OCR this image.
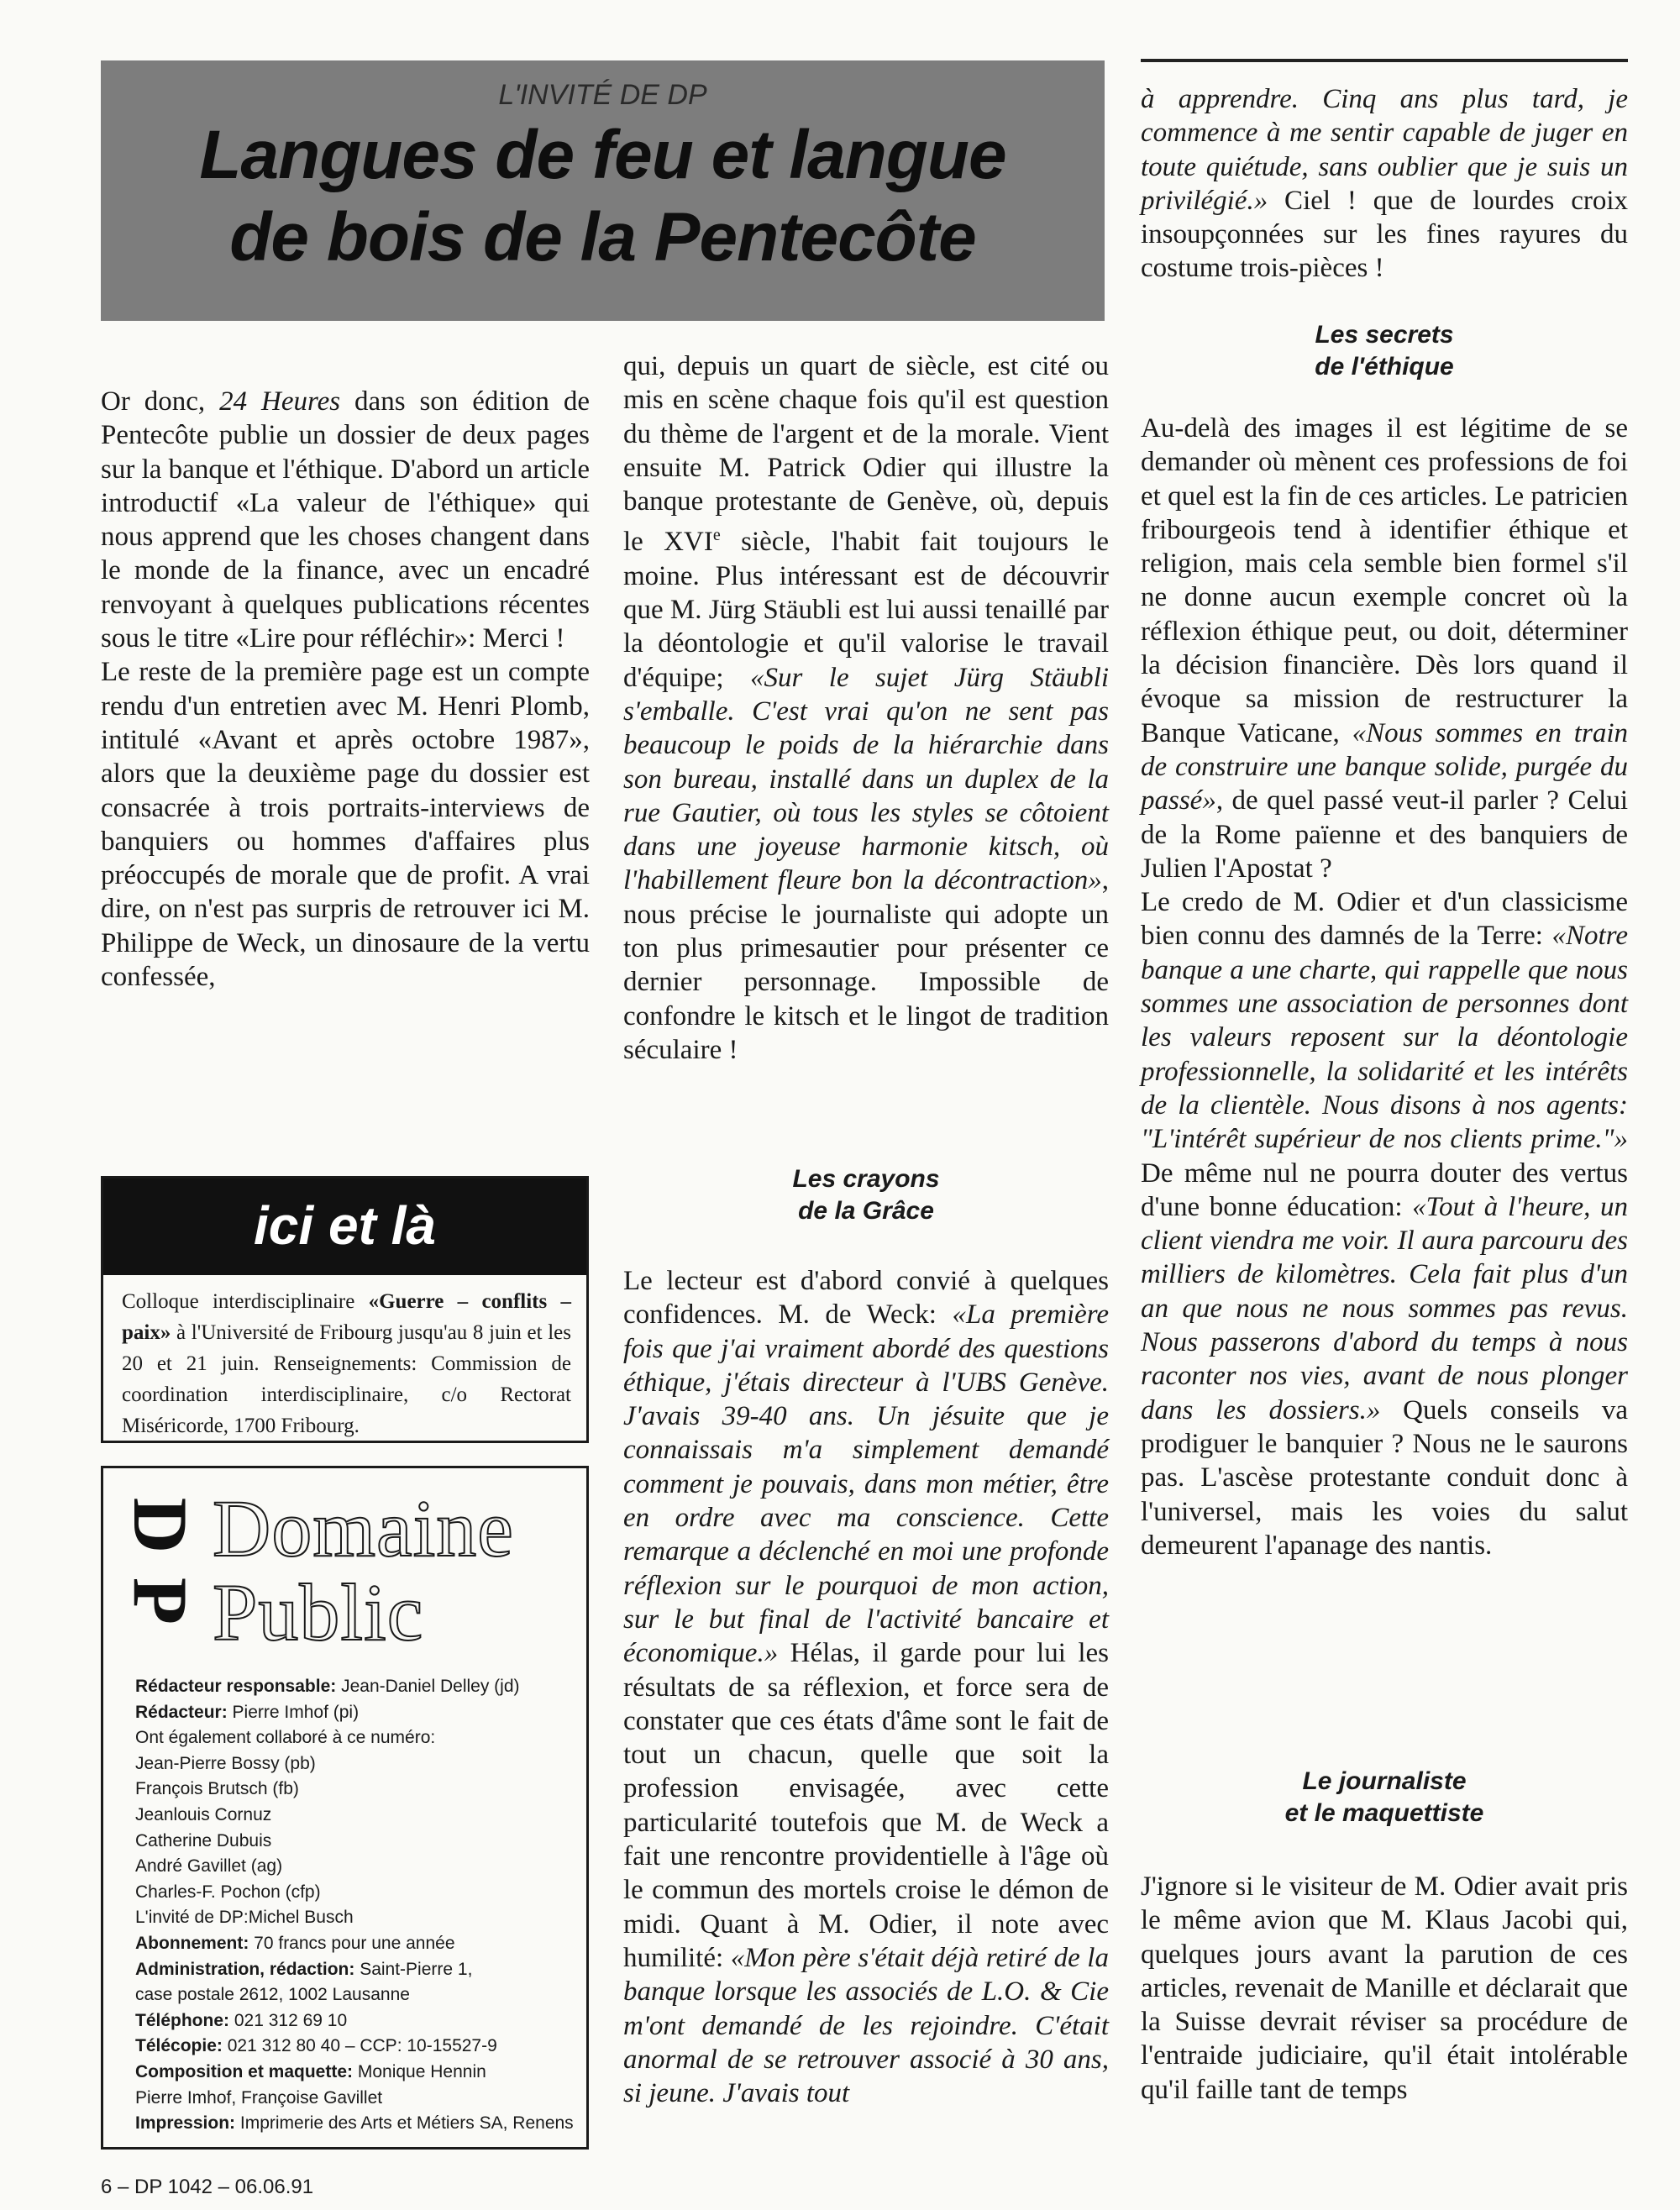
L'INVITÉ DE DP
Langues de feu et langue
de bois de la Pentecôte

Or donc, 24 Heures dans son édition de Pentecôte publie un dossier de deux pages sur la banque et l'éthique. D'abord un article introductif «La valeur de l'éthique» qui nous apprend que les choses changent dans le monde de la finance, avec un encadré renvoyant à quelques publications récentes sous le titre «Lire pour réfléchir»: Merci !

Le reste de la première page est un compte rendu d'un entretien avec M. Henri Plomb, intitulé «Avant et après octobre 1987», alors que la deuxième page du dossier est consacrée à trois portraits-interviews de banquiers ou hommes d'affaires plus préoccupés de morale que de profit. A vrai dire, on n'est pas surpris de retrouver ici M. Philippe de Weck, un dinosaure de la vertu confessée,

qui, depuis un quart de siècle, est cité ou mis en scène chaque fois qu'il est question du thème de l'argent et de la morale. Vient ensuite M. Patrick Odier qui illustre la banque protestante de Genève, où, depuis le XVIe siècle, l'habit fait toujours le moine. Plus intéressant est de découvrir que M. Jürg Stäubli est lui aussi tenaillé par la déontologie et qu'il valorise le travail d'équipe; «Sur le sujet Jürg Stäubli s'emballe. C'est vrai qu'on ne sent pas beaucoup le poids de la hiérarchie dans son bureau, installé dans un duplex de la rue Gautier, où tous les styles se côtoient dans une joyeuse harmonie kitsch, où l'habillement fleure bon la décontraction», nous précise le journaliste qui adopte un ton plus primesautier pour présenter ce dernier personnage. Impossible de confondre le kitsch et le lingot de tradition séculaire !

Les crayons
de la Grâce

Le lecteur est d'abord convié à quelques confidences. M. de Weck: «La première fois que j'ai vraiment abordé des questions éthique, j'étais directeur à l'UBS Genève. J'avais 39-40 ans. Un jésuite que je connaissais m'a simplement demandé comment je pouvais, dans mon métier, être en ordre avec ma conscience. Cette remarque a déclenché en moi une profonde réflexion sur le pourquoi de mon action, sur le but final de l'activité bancaire et économique.» Hélas, il garde pour lui les résultats de sa réflexion, et force sera de constater que ces états d'âme sont le fait de tout un chacun, quelle que soit la profession envisagée, avec cette particularité toutefois que M. de Weck a fait une rencontre providentielle à l'âge où le commun des mortels croise le démon de midi. Quant à M. Odier, il note avec humilité: «Mon père s'était déjà retiré de la banque lorsque les associés de L.O. & Cie m'ont demandé de les rejoindre. C'était anormal de se retrouver associé à 30 ans, si jeune. J'avais tout

à apprendre. Cinq ans plus tard, je commence à me sentir capable de juger en toute quiétude, sans oublier que je suis un privilégié.» Ciel ! que de lourdes croix insoupçonnées sur les fines rayures du costume trois-pièces !

Les secrets
de l'éthique

Au-delà des images il est légitime de se demander où mènent ces professions de foi et quel est la fin de ces articles. Le patricien fribourgeois tend à identifier éthique et religion, mais cela semble bien formel s'il ne donne aucun exemple concret où la réflexion éthique peut, ou doit, déterminer la décision financière. Dès lors quand il évoque sa mission de restructurer la Banque Vaticane, «Nous sommes en train de construire une banque solide, purgée du passé», de quel passé veut-il parler ? Celui de la Rome païenne et des banquiers de Julien l'Apostat ?

Le credo de M. Odier et d'un classicisme bien connu des damnés de la Terre: «Notre banque a une charte, qui rappelle que nous sommes une association de personnes dont les valeurs reposent sur la déontologie professionnelle, la solidarité et les intérêts de la clientèle. Nous disons à nos agents: "L'intérêt supérieur de nos clients prime."» De même nul ne pourra douter des vertus d'une bonne éducation: «Tout à l'heure, un client viendra me voir. Il aura parcouru des milliers de kilomètres. Cela fait plus d'un an que nous ne nous sommes pas revus. Nous passerons d'abord du temps à nous raconter nos vies, avant de nous plonger dans les dossiers.» Quels conseils va prodiguer le banquier ? Nous ne le saurons pas. L'ascèse protestante conduit donc à l'universel, mais les voies du salut demeurent l'apanage des nantis.

Le journaliste
et le maquettiste

J'ignore si le visiteur de M. Odier avait pris le même avion que M. Klaus Jacobi qui, quelques jours avant la parution de ces articles, revenait de Manille et déclarait que la Suisse devrait réviser sa procédure de l'entraide judiciaire, qu'il était intolérable qu'il faille tant de temps

ici et là
Colloque interdisciplinaire «Guerre – conflits – paix» à l'Université de Fribourg jusqu'au 8 juin et les 20 et 21 juin. Renseignements: Commission de coordination interdisciplinaire, c/o Rectorat Miséricorde, 1700 Fribourg.
D
P
Domaine
Public
Rédacteur responsable: Jean-Daniel Delley (jd)
Rédacteur: Pierre Imhof (pi)
Ont également collaboré à ce numéro:
Jean-Pierre Bossy (pb)
François Brutsch (fb)
Jeanlouis Cornuz
Catherine Dubuis
André Gavillet (ag)
Charles-F. Pochon (cfp)
L'invité de DP:Michel Busch
Abonnement: 70 francs pour une année
Administration, rédaction: Saint-Pierre 1,
case postale 2612, 1002 Lausanne
Téléphone: 021 312 69 10
Télécopie: 021 312 80 40 – CCP: 10-15527-9
Composition et maquette: Monique Hennin
Pierre Imhof, Françoise Gavillet
Impression: Imprimerie des Arts et Métiers SA, Renens
6 – DP 1042 – 06.06.91
